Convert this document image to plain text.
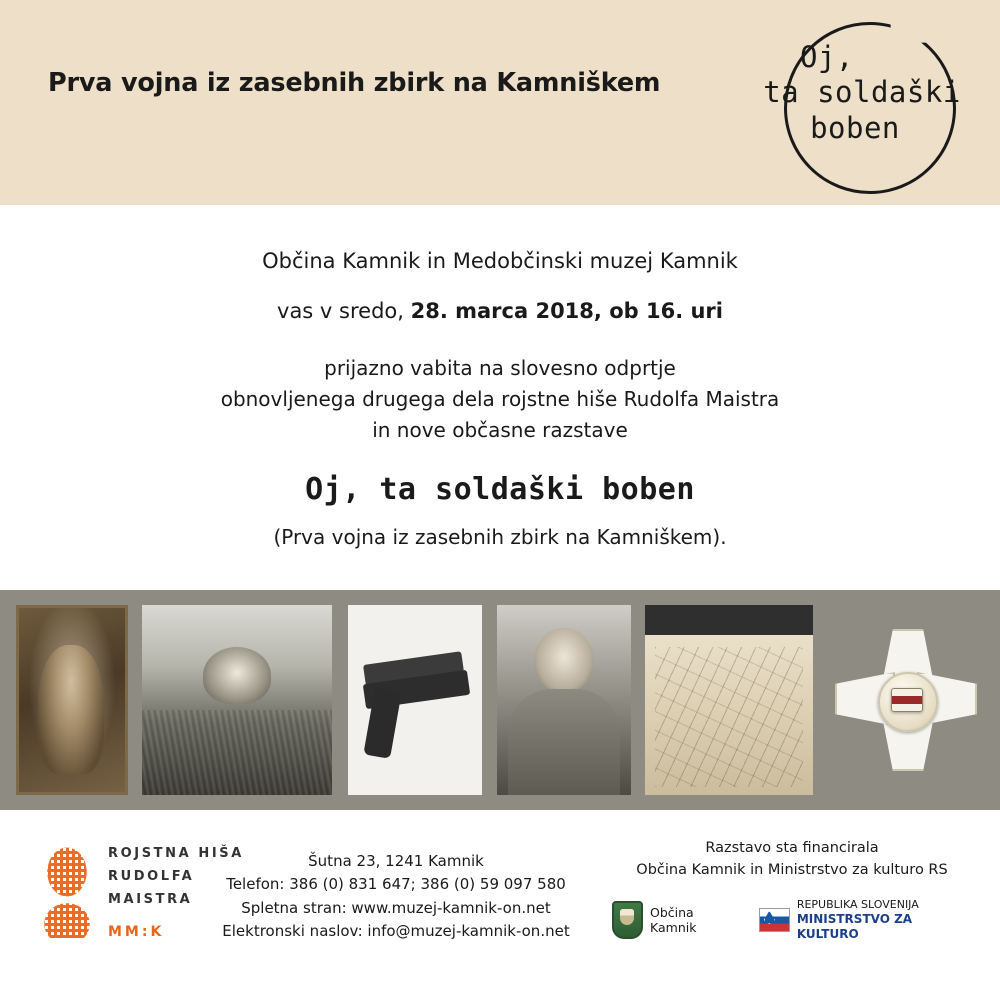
Prva vojna iz zasebnih zbirk na Kamniškem
Oj,
ta soldaški
boben
Občina Kamnik in Medobčinski muzej Kamnik
vas v sredo, 28. marca 2018, ob 16. uri
prijazno vabita na slovesno odprtje
obnovljenega drugega dela rojstne hiše Rudolfa Maistra
in nove občasne razstave
Oj, ta soldaški boben
(Prva vojna iz zasebnih zbirk na Kamniškem).
ROJSTNA HIŠA
RUDOLFA
MAISTRA
MM:K
Šutna 23, 1241 Kamnik
Telefon: 386 (0) 831 647; 386 (0) 59 097 580
Spletna stran: www.muzej-kamnik-on.net
Elektronski naslov: info@muzej-kamnik-on.net
Razstavo sta financirala
Občina Kamnik in Ministrstvo za kulturo RS
Občina Kamnik
REPUBLIKA SLOVENIJA
MINISTRSTVO ZA KULTURO
